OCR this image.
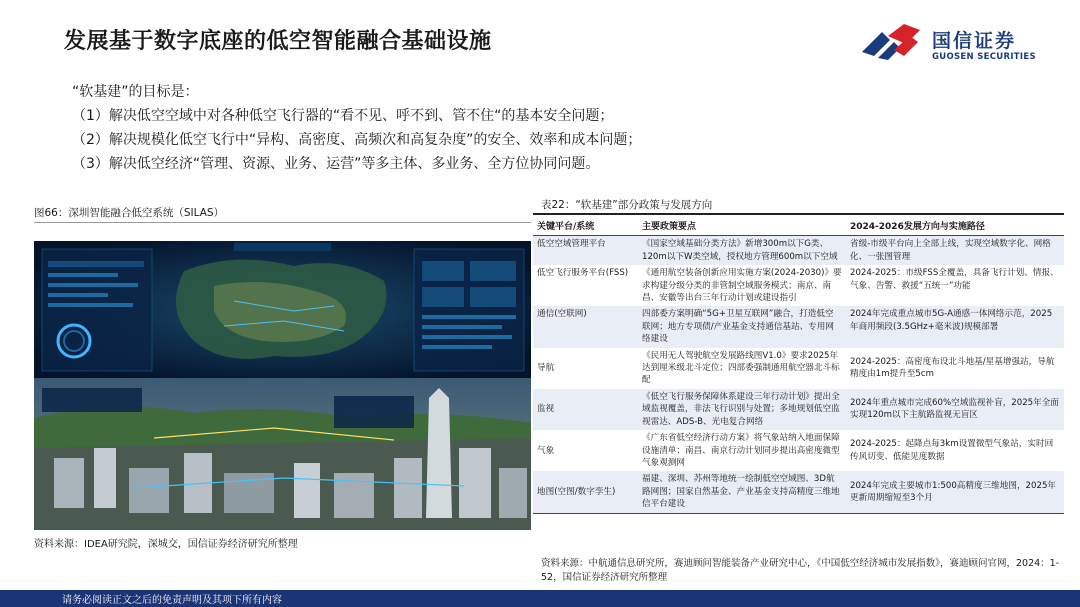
发展基于数字底座的低空智能融合基础设施	国信证券
GUOSEN SECURITIES
“软基建”的目标是：
（1）解决低空空域中对各种低空飞行器的“看不见、呼不到、管不住“的基本安全问题；
（2）解决规模化低空飞行中“异构、高密度、高频次和高复杂度”的安全、效率和成本问题；
（3）解决低空经济“管理、资源、业务、运营”等多主体、多业务、全方位协同问题。
图66：深圳智能融合低空系统（SILAS）
资料来源：IDEA研究院，深城交，国信证券经济研究所整理
表22：“软基建”部分政策与发展方向
关键平台/系统	主要政策要点	2024-2026发展方向与实施路径
低空空域管理平台	《国家空域基础分类方法》新增300m以下G类、120m以下W类空域，授权地方管理600m以下空域	省级-市级平台向上全部上线，实现空域数字化、网格化、一张图管理
低空飞行服务平台(FSS)	《通用航空装备创新应用实施方案(2024-2030)》要求构建分级分类的非管制空域服务模式；南京、南昌、安徽等出台三年行动计划或建设指引	2024-2025：市级FSS全覆盖，具备飞行计划、情报、气象、告警、救援“五统一”功能
通信(空联网)	四部委方案明确“5G+卫星互联网”融合，打造低空联网；地方专项债/产业基金支持通信基站、专用网络建设	2024年完成重点城市5G-A通感一体网络示范，2025年商用频段(3.5GHz+毫米波)规模部署
导航	《民用无人驾驶航空发展路线图V1.0》要求2025年达到厘米级北斗定位；四部委强制通用航空器北斗标配	2024-2025：高密度布设北斗地基/星基增强站，导航精度由1m提升至5cm
监视	《低空飞行服务保障体系建设三年行动计划》提出全域监视覆盖，非法飞行识别与处置；多地规划低空监视雷达、ADS-B、光电复合网络	2024年重点城市完成60%空域监视补盲，2025年全面实现120m以下主航路监视无盲区
气象	《广东省低空经济行动方案》将气象站纳入地面保障设施清单；南昌、南京行动计划同步提出高密度微型气象观测网	2024-2025：起降点每3km设置微型气象站，实时回传风切变、低能见度数据
地图(空图/数字孪生)	福建、深圳、苏州等地统一绘制低空空域图、3D航路网图；国家自然基金、产业基金支持高精度三维地信平台建设	2024年完成主要城市1:500高精度三维地图，2025年更新周期缩短至3个月
资料来源：中航通信息研究所，赛迪顾问智能装备产业研究中心，《中国低空经济城市发展指数》，赛迪顾问官网，2024：1-52，国信证券经济研究所整理
请务必阅读正文之后的免责声明及其项下所有内容
